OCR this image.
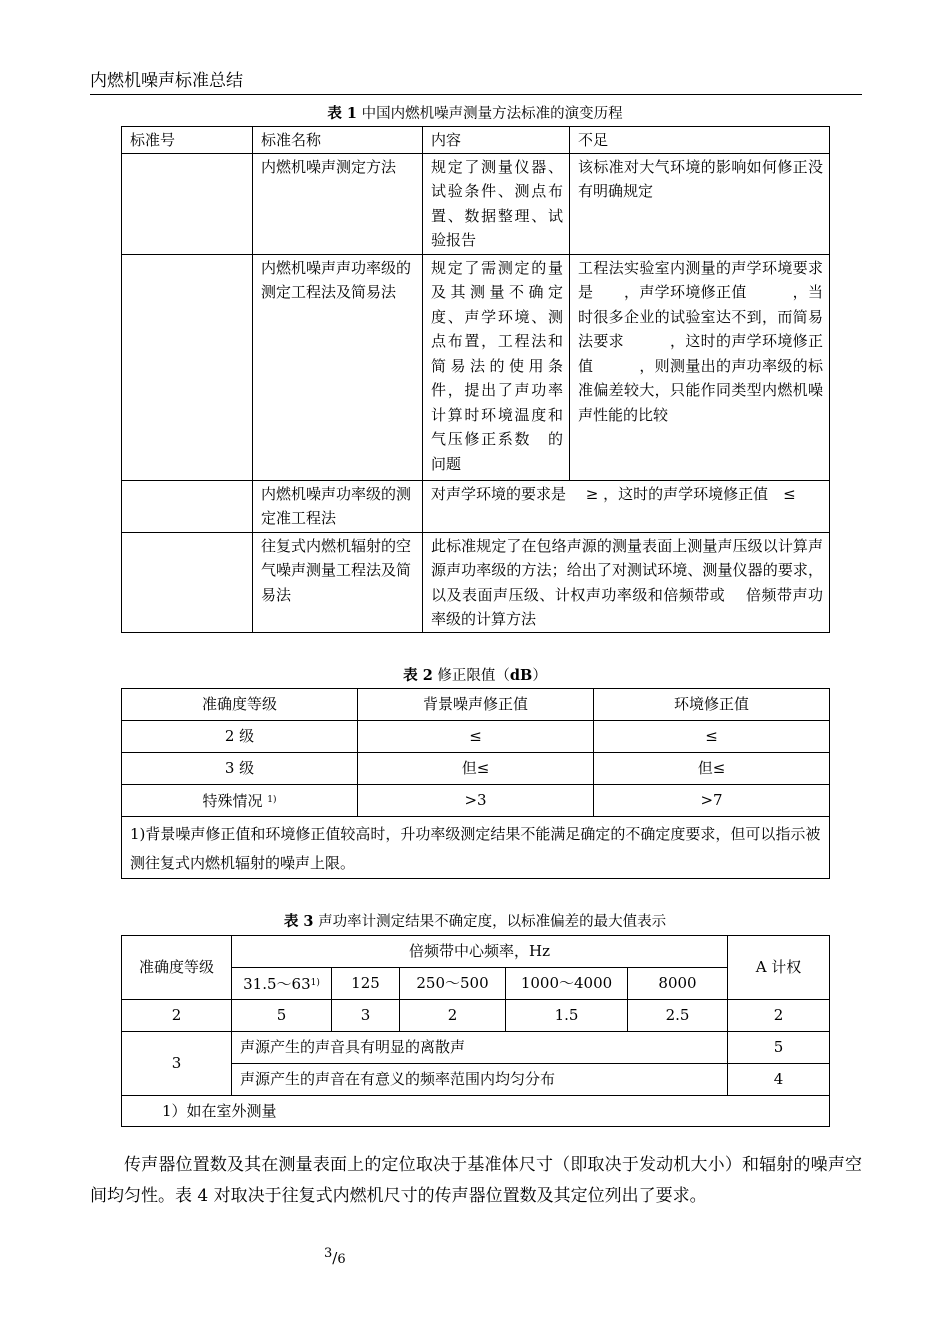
内燃机噪声标准总结
表 1 中国内燃机噪声测量方法标准的演变历程
标准号	标准名称	内容	不足
	内燃机噪声测定方法	规定了测量仪器、试验条件、测点布置、数据整理、试验报告	该标准对大气环境的影响如何修正没有明确规定
	内燃机噪声声功率级的测定工程法及简易法	规定了需测定的量及其测量不确定度、声学环境、测点布置，工程法和简易法的使用条件，提出了声功率计算时环境温度和气压修正系数　的问题	工程法实验室内测量的声学环境要求是　　，声学环境修正值　　　，当时很多企业的试验室达不到，而简易法要求　　　，这时的声学环境修正值　　　，则测量出的声功率级的标准偏差较大，只能作同类型内燃机噪声性能的比较
	内燃机噪声功率级的测定准工程法	对声学环境的要求是　 ≥ ，这时的声学环境修正值　≤	
	往复式内燃机辐射的空气噪声测量工程法及简易法	此标准规定了在包络声源的测量表面上测量声压级以计算声源声功率级的方法；给出了对测试环境、测量仪器的要求，以及表面声压级、计权声功率级和倍频带或　 倍频带声功率级的计算方法	
表 2 修正限值（dB）
准确度等级	背景噪声修正值	环境修正值
2 级	≤	≤
3 级	但≤	但≤
特殊情况 $^{1)}$	>3	>7
1)背景噪声修正值和环境修正值较高时，升功率级测定结果不能满足确定的不确定度要求，但可以指示被测往复式内燃机辐射的噪声上限。		
表 3 声功率计测定结果不确定度，以标准偏差的最大值表示
准确度等级	倍频带中心频率，Hz					A 计权
	31.5～63$^{1)}$	125	250～500	1000～4000	8000	
2	5	3	2	1.5	2.5	2
3	声源产生的声音具有明显的离散声					5
	声源产生的声音在有意义的频率范围内均匀分布					4
1）如在室外测量						
传声器位置数及其在测量表面上的定位取决于基准体尺寸（即取决于发动机大小）和辐射的噪声空间均匀性。表 4 对取决于往复式内燃机尺寸的传声器位置数及其定位列出了要求。
$^3$/6
